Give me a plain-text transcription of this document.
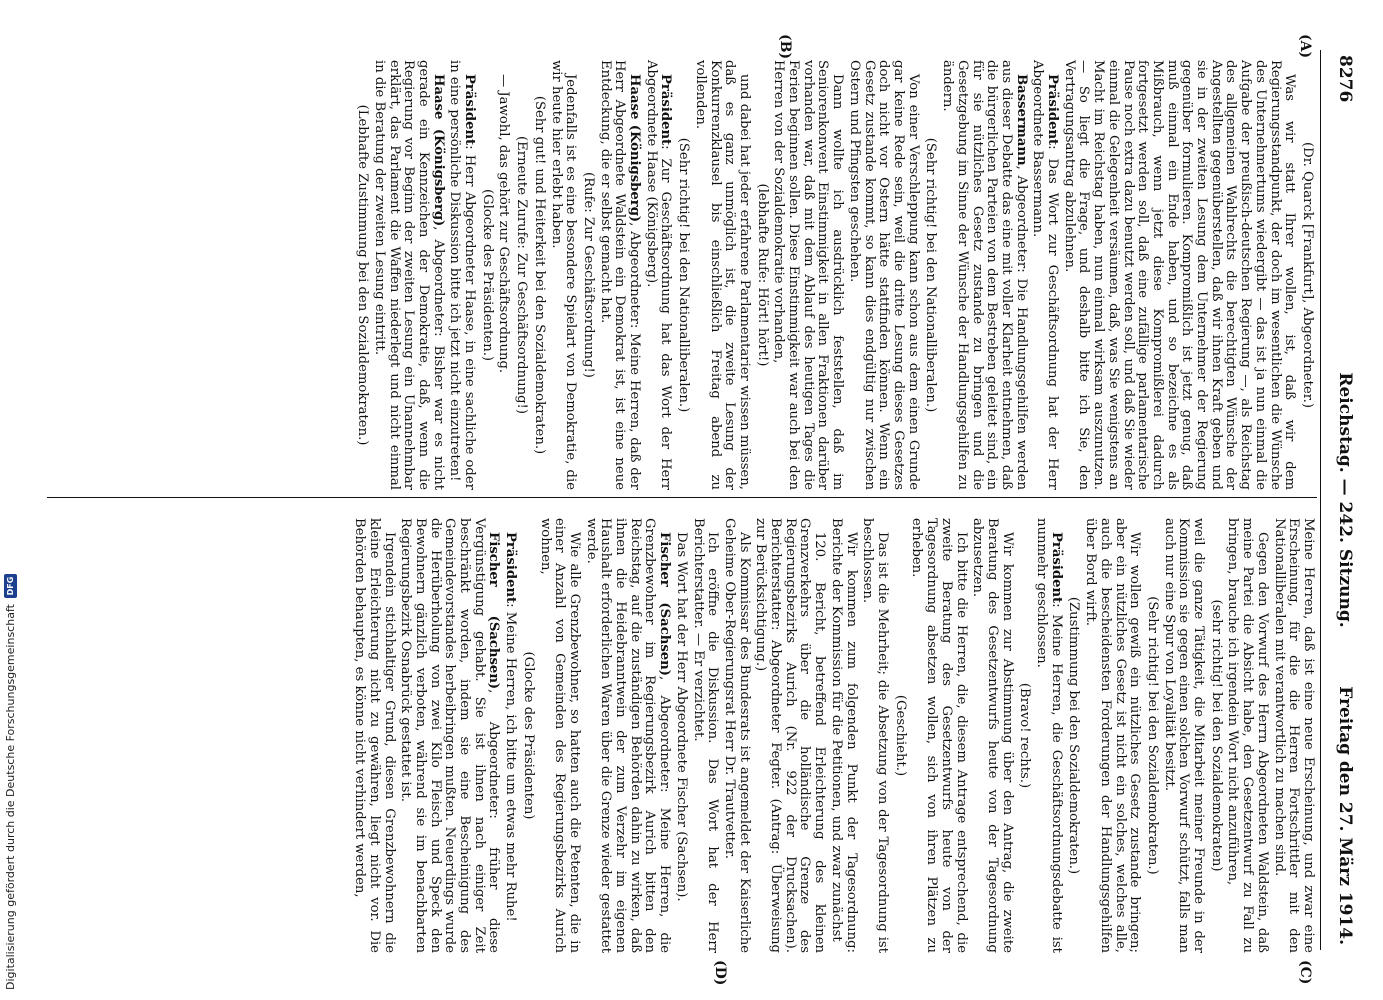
8276
Reichstag. — 242. Sitzung.
Freitag den 27. März 1914.
(A)
(B)
(C)
(D)

(Dr. Quarck [Frankfurt], Abgeordneter.)

Was wir statt Ihrer wollen, ist, daß wir dem Regierungsstandpunkt, der doch im wesentlichen die Wünsche des Unternehmertums wiedergibt — das ist ja nun einmal die Aufgabe der preußisch-deutschen Regierung —, als Reichstag des allgemeinen Wahlrechts die berechtigten Wünsche der Angestellten gegenüberstellen, daß wir ihnen Kraft geben und sie in der zweiten Lesung dem Unternehmer der Regierung gegenüber formulieren. Kompromißlich ist jetzt genug, daß muß einmal ein Ende haben, und so bezeichne es als Mißbrauch, wenn jetzt diese Kompromißlerei dadurch fortgesetzt werden soll, daß eine zufällige parlamentarische Pause noch extra dazu benutzt werden soll, und daß Sie wieder einmal die Gelegenheit versäumen, daß, was Sie wenigstens an Macht im Reichstag haben, nun einmal wirksam auszunutzen. — So liegt die Frage, und deshalb bitte ich Sie, den Vertragungsantrag abzulehnen.

Präsident: Das Wort zur Geschäftsordnung hat der Herr Abgeordnete Bassermann.

Bassermann, Abgeordneter: Die Handlungsgehilfen werden aus dieser Debatte das eine mit voller Klarheit entnehmen, daß die bürgerlichen Parteien von dem Bestreben geleitet sind, ein für sie nützliches Gesetz zustande zu bringen und die Gesetzgebung im Sinne der Wünsche der Handlungsgehilfen zu ändern.

(Sehr richtig! bei den Nationalliberalen.)

Von einer Verschleppung kann schon aus dem einen Grunde gar keine Rede sein, weil die dritte Lesung dieses Gesetzes doch nicht vor Ostern hätte stattfinden können. Wenn ein Gesetz zustande kommt, so kann dies endgültig nur zwischen Ostern und Pfingsten geschehen.

Dann wollte ich ausdrücklich feststellen, daß im Seniorenkonvent Einstimmigkeit in allen Fraktionen darüber vorhanden war, daß mit dem Ablauf des heutigen Tages die Ferien beginnen sollen. Diese Einstimmigkeit war auch bei den Herren von der Sozialdemokratie vorhanden,

(lebhafte Rufe: Hört! hört!)

und dabei hat jeder erfahrene Parlamentarier wissen müssen, daß es ganz unmöglich ist, die zweite Lesung der Konkurrenzklausel bis einschließlich Freitag abend zu vollenden.

(Sehr richtig! bei den Nationalliberalen.)

Präsident: Zur Geschäftsordnung hat das Wort der Herr Abgeordnete Haase (Königsberg).

Haase (Königsberg), Abgeordneter: Meine Herren, daß der Herr Abgeordnete Waldstein ein Demokrat ist, ist eine neue Entdeckung, die er selbst gemacht hat.

(Rufe: Zur Geschäftsordnung!)

Jedenfalls ist es eine besondere Spielart von Demokratie, die wir heute hier erlebt haben.

(Sehr gut! und Heiterkeit bei den Sozialdemokraten.)

(Erneute Zurufe: Zur Geschäftsordnung!)

— Jawohl, das gehört zur Geschäftsordnung.

(Glocke des Präsidenten.)

Präsident: Herr Abgeordneter Haase, in eine sachliche oder in eine persönliche Diskussion bitte ich jetzt nicht einzutreten!

Haase (Königsberg), Abgeordneter: Bisher war es nicht gerade ein Kennzeichen der Demokratie, daß, wenn die Regierung vor Beginn der zweiten Lesung ein Unannehmbar erklärt, das Parlament die Waffen niederlegt und nicht einmal in die Beratung der zweiten Lesung eintritt.

(Lebhafte Zustimmung bei den Sozialdemokraten.)

Meine Herren, daß ist eine neue Erscheinung, und zwar eine Erscheinung, für die die Herren Fortschrittler mit den Nationalliberalen mit verantwortlich zu machen sind.

Gegen den Vorwurf des Herrn Abgeordneten Waldstein, daß meine Partei die Absicht habe, den Gesetzentwurf zu Fall zu bringen, brauche ich irgendein Wort nicht anzuführen,

(sehr richtig! bei den Sozialdemokraten)

weil die ganze Tätigkeit, die Mitarbeit meiner Freunde in der Kommission sie gegen einen solchen Vorwurf schützt, falls man auch nur eine Spur von Loyalität besitzt.

(Sehr richtig! bei den Sozialdemokraten.)

Wir wollen gewiß ein nützliches Gesetz zustande bringen; aber ein nützliches Gesetz ist nicht ein solches, welches alle, auch die bescheidensten Forderungen der Handlungsgehilfen über Bord wirft.

(Zustimmung bei den Sozialdemokraten.)

Präsident: Meine Herren, die Geschäftsordnungsdebatte ist nunmehr geschlossen.

(Bravo! rechts.)

Wir kommen zur Abstimmung über den Antrag, die zweite Beratung des Gesetzentwurfs heute von der Tagesordnung abzusetzen.

Ich bitte die Herren, die, diesem Antrage entsprechend, die zweite Beratung des Gesetzentwurfs heute von der Tagesordnung absetzen wollen, sich von ihren Plätzen zu erheben.

(Geschieht.)

Das ist die Mehrheit; die Absetzung von der Tagesordnung ist beschlossen.

Wir kommen zum folgenden Punkt der Tagesordnung: Berichte der Kommission für die Petitionen, und zwar zunächst

120. Bericht, betreffend Erleichterung des kleinen Grenzverkehrs über die holländische Grenze des Regierungsbezirks Aurich (Nr. 922 der Drucksachen). Berichterstatter: Abgeordneter Fegter. (Antrag: Überweisung zur Berücksichtigung.)

Als Kommissar des Bundesrats ist angemeldet der Kaiserliche Geheime Ober-Regierungsrat Herr Dr. Trautvetter.

Ich eröffne die Diskussion. Das Wort hat der Herr Berichterstatter. — Er verzichtet.

Das Wort hat der Herr Abgeordnete Fischer (Sachsen).

Fischer (Sachsen), Abgeordneter: Meine Herren, die Grenzbewohner im Regierungsbezirk Aurich bitten den Reichstag, auf die zuständigen Behörden dahin zu wirken, daß ihnen die Heidebranntwein der zum Verzehr im eigenen Haushalt erforderlichen Waren über die Grenze wieder gestattet werde.

Wie alle Grenzbewohner, so hatten auch die Petenten, die in einer Anzahl von Gemeinden des Regierungsbezirks Aurich wohnen,

(Glocke des Präsidenten)

Präsident: Meine Herren, ich bitte um etwas mehr Ruhe!

Fischer (Sachsen), Abgeordneter: früher diese Vergünstigung gehabt. Sie ist ihnen nach einiger Zeit beschränkt worden, indem sie eine Bescheinigung des Gemeindevorstandes herbeibringen mußten. Neuerdings wurde die Herüberholung von zwei Kilo Fleisch und Speck den Bewohnern gänzlich verboten, während sie im benachbarten Regierungsbezirk Osnabrück gestattet ist.

Irgendein stichhaltiger Grund, diesen Grenzbewohnern die kleine Erleichterung nicht zu gewähren, liegt nicht vor. Die Behörden behaupten, es könne nicht verhindert werden,

Digitalisierung gefördert durch die Deutsche Forschungsgemeinschaft
DFG
